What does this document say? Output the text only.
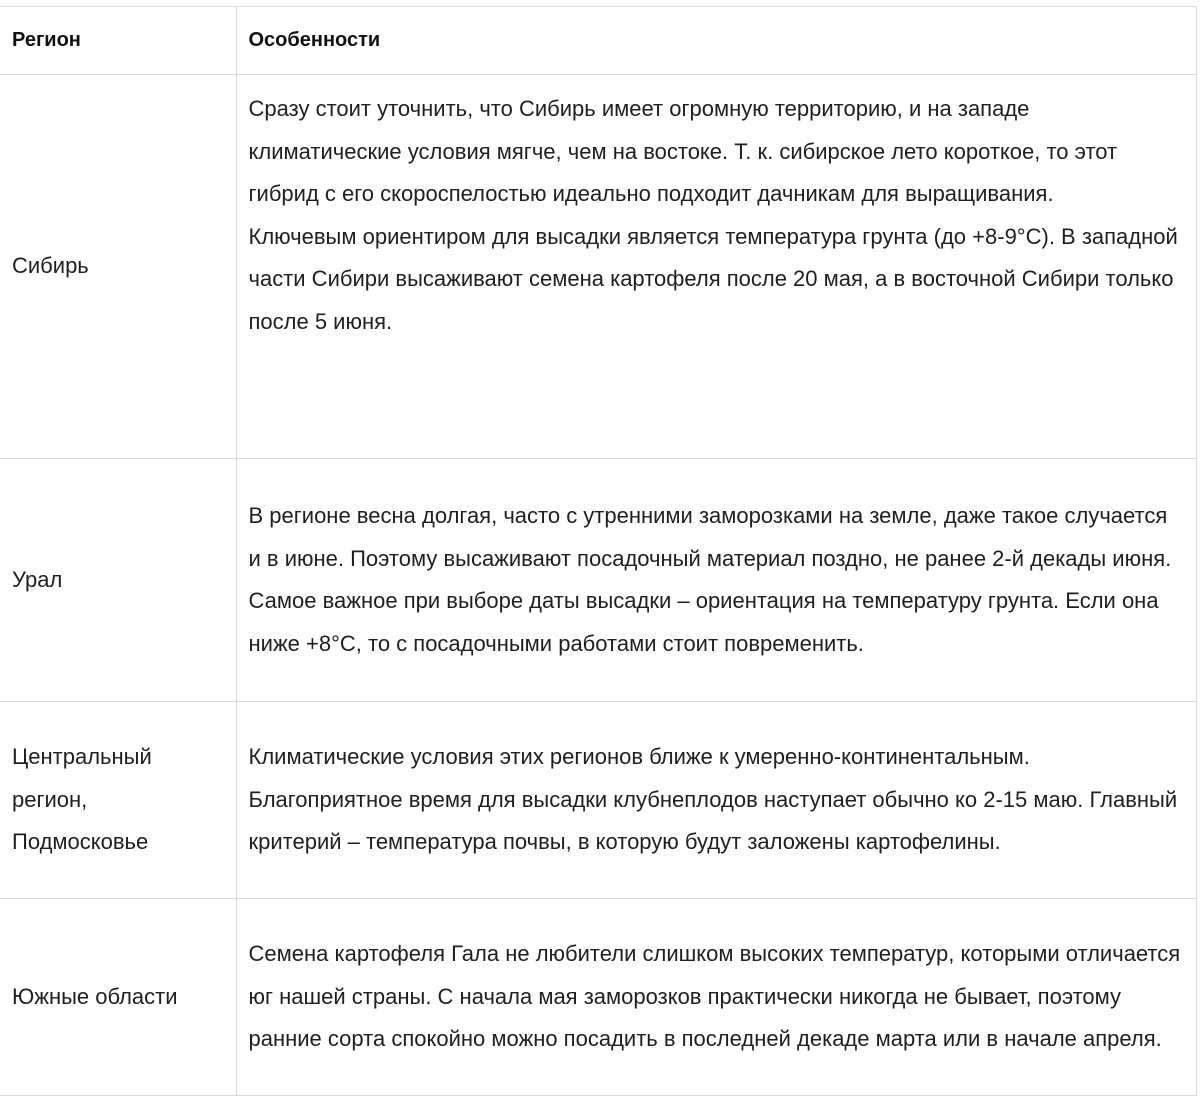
Регион	Особенности
Сибирь	Сразу стоит уточнить, что Сибирь имеет огромную территорию, и на западе климатические условия мягче, чем на востоке. Т. к. сибирское лето короткое, то этот гибрид с его скороспелостью идеально подходит дачникам для выращивания.

Ключевым ориентиром для высадки является температура грунта (до +8-9°C). В западной части Сибири высаживают семена картофеля после 20 мая, а в восточной Сибири только после 5 июня.

Урал	В регионе весна долгая, часто с утренними заморозками на земле, даже такое случается и в июне. Поэтому высаживают посадочный материал поздно, не ранее 2-й декады июня. Самое важное при выборе даты высадки – ориентация на температуру грунта. Если она ниже +8°C, то с посадочными работами стоит повременить.

Центральный регион, Подмосковье	Климатические условия этих регионов ближе к умеренно-континентальным. Благоприятное время для высадки клубнеплодов наступает обычно ко 2-15 маю. Главный критерий – температура почвы, в которую будут заложены картофелины.

Южные области	Семена картофеля Гала не любители слишком высоких температур, которыми отличается юг нашей страны. С начала мая заморозков практически никогда не бывает, поэтому ранние сорта спокойно можно посадить в последней декаде марта или в начале апреля.
